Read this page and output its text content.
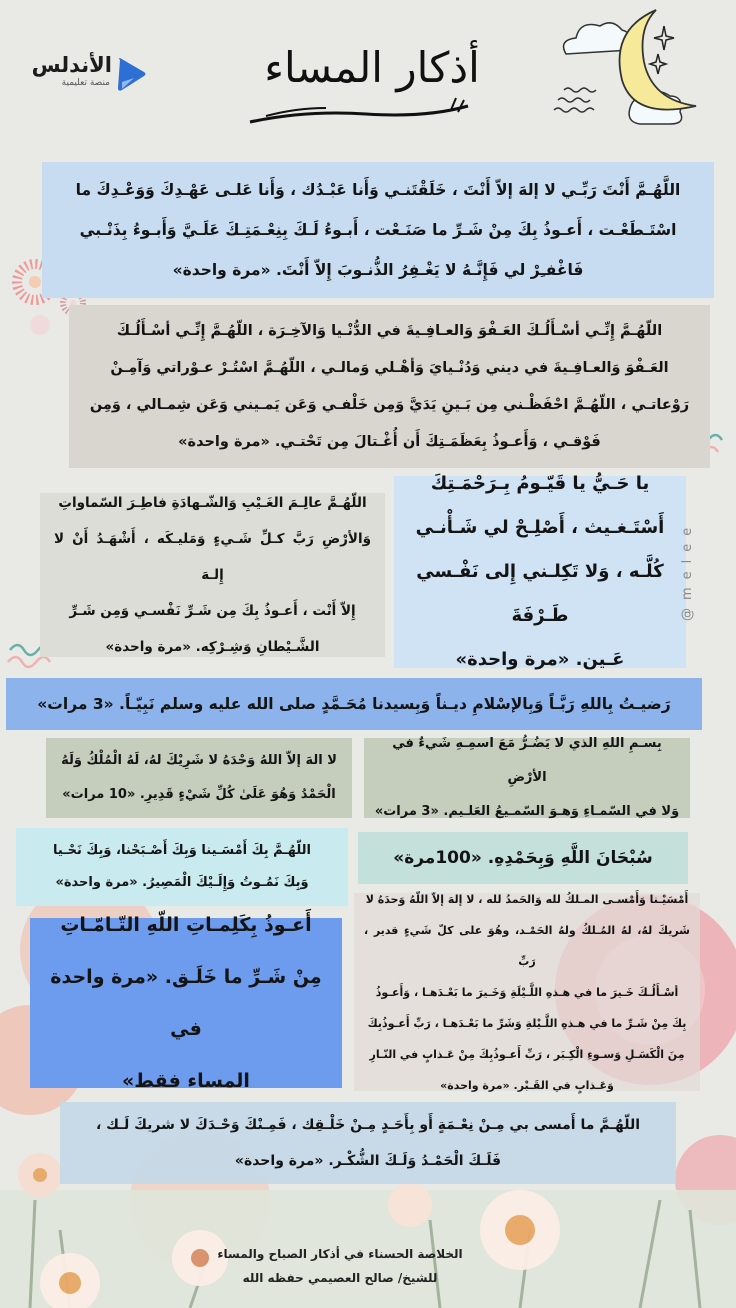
الأندلس
منصة تعليمية	أذكار المساء

اللَّهُـمَّ أَنْتَ رَبِّـي لا إلهَ إلاّ أَنْتَ ، خَلَقْتَنـي وَأَنا عَبْـدُك ، وَأَنا عَلـى عَهْـدِكَ وَوَعْـدِكَ ما

اسْتَـطَعْـت ، أَعـوذُ بِكَ مِنْ شَـرِّ ما صَنَـعْت ، أَبـوءُ لَـكَ بِنِعْـمَتِـكَ عَلَـيَّ وَأَبـوءُ بِذَنْـبي

فَاغْفـِرْ لي فَإِنَّـهُ لا يَغْـفِرُ الذُّنـوبَ إِلاّ أَنْتَ. «مرة واحدة»

اللّهُـمَّ إِنِّـي أسْـأَلُـكَ العَـفْوَ وَالعـافِـيةَ في الدُّنْـيا وَالآخِـرَة ، اللّهُـمَّ إِنِّـي أسْـأَلُـكَ

العَـفْوَ وَالعـافِـيةَ في ديني وَدُنْـيايَ وَأهْـلي وَمالـي ، اللّهُـمَّ اسْتُـرْ عـوْراتي وَآمِـنْ

رَوْعاتـي ، اللّهُـمَّ احْفَظْـني مِن بَـينِ يَدَيَّ وَمِن خَلْفـي وَعَن يَمـيني وَعَن شِمـالي ، وَمِن

فَوْقـي ، وَأَعـوذُ بِعَظَمَـتِكَ أَن أُغْـتالَ مِن تَحْتـي. «مرة واحدة»

اللّهُـمَّ عالِـمَ الغَـيْبِ وَالشّـهادَةِ فاطِـرَ السّماواتِ

وَالأرْضِ رَبَّ كـلِّ شَـيءٍ وَمَليـكَه ، أَشْهَـدُ أَنْ لا إِلـهَ

إِلاّ أَنْت ، أَعـوذُ بِكَ مِن شَـرِّ نَفْسـي وَمِن شَـرِّ

الشَّـيْطانِ وَشِـرْكِه. «مرة واحدة»

يا حَـيُّ يا قَيّـومُ بِـرَحْمَـتِكَ

أَسْتَـغـيث ، أَصْلِـحْ لي شَـأْنـي

كُلَّـه ، وَلا تَكِلـني إِلى نَفْـسي طَـرْفَةَ

عَـين. «مرة واحدة»

@melee

رَضيـتُ بِاللهِ رَبَّـاً وَبِالإسْلامِ ديـناً وَبِسيدنا مُحَـمَّدٍ صلى الله عليه وسلم نَبِيّـاً. «3 مرات»

لا الهَ إلاّ اللهُ وَحْدَهُ لا شَرِيْكَ لهُ، لَهُ الْمُلْكُ وَلَهُ

الْحَمْدُ وَهُوَ عَلَىٰ كُلِّ شَيْءٍ قَدِيرِ. «10 مرات»

بِسـمِ اللهِ الذي لا يَضُـرُّ مَعَ اسمِـهِ شَيءٌ في الأرْضِ

وَلا في السّمـاءِ وَهـوَ السّمـيعُ العَلـيم. «3 مرات»

اللّهُـمَّ بِكَ أَمْسَـينا وَبِكَ أَصْـبَحْنا، وَبِكَ نَحْـيا

وَبِكَ نَمُـوتُ وَإِلَـيْكَ الْمَصِيرُ. «مرة واحدة»

سُبْحَانَ اللَّهِ وَبِحَمْدِهِ. «100مرة»

أَمْسَيْـنا وَأَمْسـى المـلكُ لله وَالحَمدُ لله ، لا إلهَ إلاّ اللّهُ وَحدَهُ لا

شَريكَ لهُ، لهُ المُـلكُ ولهُ الحَمْـد، وهُوَ على كلّ شَيءٍ قدير ، رَبِّ

أسْـأَلُـكَ خَـيرَ ما في هـذهِ اللَّـيْلَةِ وَخَـيرَ ما بَعْـدَهـا ، وَأَعـوذُ

بِكَ مِنْ شَـرِّ ما في هـذهِ اللَّـيْلةِ وَشَرِّ ما بَعْـدَهـا ، رَبِّ أَعـوذُبِكَ

مِنَ الْكَسَـلِ وَسـوءِ الْكِـبَر ، رَبِّ أَعـوذُبِكَ مِنْ عَـذابٍ في النّـارِ

وَعَـذابٍ في القَـبْر. «مرة واحدة»

أَعـوذُ بِكَلِمـاتِ اللّهِ التّـامّـاتِ

مِنْ شَـرِّ ما خَلَـق. «مرة واحدة في

المساء فقط»

اللّهُـمَّ ما أَمسى بي مِـنْ نِعْـمَةٍ أَو بِأَحَـدٍ مِـنْ خَلْـقِك ، فَمِـنْكَ وَحْـدَكَ لا شريكَ لَـك ،

فَلَـكَ الْحَمْـدُ وَلَـكَ الشُّكْـر. «مرة واحدة»

الخلاصة الحسناء في أذكار الصباح والمساء

للشيخ/ صالح العصيمي حفظه الله
